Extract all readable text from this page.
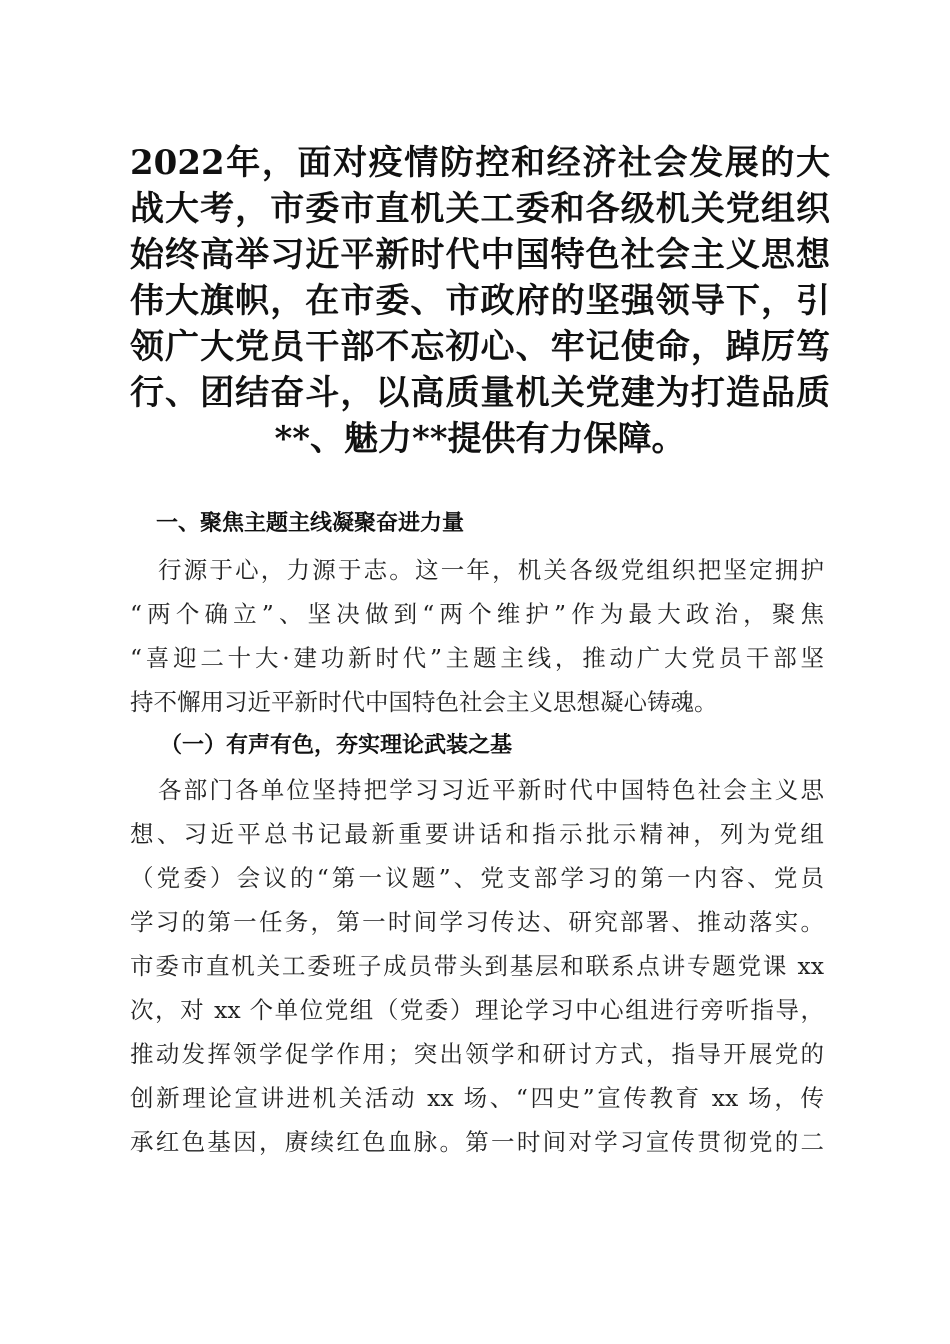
2022年，面对疫情防控和经济社会发展的大
战大考，市委市直机关工委和各级机关党组织
始终高举习近平新时代中国特色社会主义思想
伟大旗帜，在市委、市政府的坚强领导下，引
领广大党员干部不忘初心、牢记使命，踔厉笃
行、团结奋斗，以高质量机关党建为打造品质
**、魅力**提供有力保障。
一、聚焦主题主线凝聚奋进力量
行源于心，力源于志。这一年，机关各级党组织把坚定拥护
“两个确立”、坚决做到“两个维护”作为最大政治，聚焦
“喜迎二十大·建功新时代”主题主线，推动广大党员干部坚
持不懈用习近平新时代中国特色社会主义思想凝心铸魂。
（一）有声有色，夯实理论武装之基
各部门各单位坚持把学习习近平新时代中国特色社会主义思
想、习近平总书记最新重要讲话和指示批示精神，列为党组
（党委）会议的“第一议题”、党支部学习的第一内容、党员
学习的第一任务，第一时间学习传达、研究部署、推动落实。
市委市直机关工委班子成员带头到基层和联系点讲专题党课 xx
次，对 xx 个单位党组（党委）理论学习中心组进行旁听指导，
推动发挥领学促学作用；突出领学和研讨方式，指导开展党的
创新理论宣讲进机关活动 xx 场、“四史”宣传教育 xx 场，传
承红色基因，赓续红色血脉。第一时间对学习宣传贯彻党的二
